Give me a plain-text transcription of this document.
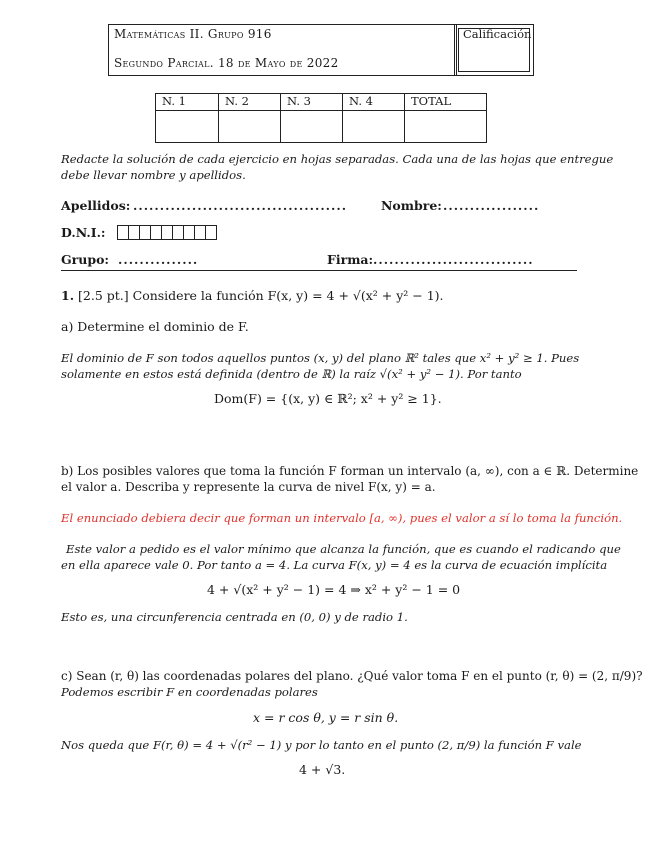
Matemáticas II. Grupo 916
Segundo Parcial. 18 de Mayo de 2022
Calificación
N. 1	N. 2	N. 3	N. 4	TOTAL

Redacte la solución de cada ejercicio en hojas separadas. Cada una de las hojas que entregue
debe llevar nombre y apellidos.
Apellidos: ........................................	Nombre: ..................
D.N.I.:
Grupo: ...............	Firma: ..............................
1. [2.5 pt.] Considere la función F(x, y) = 4 + √(x² + y² − 1).
a) Determine el dominio de F.
El dominio de F son todos aquellos puntos (x, y) del plano ℝ² tales que x² + y² ≥ 1. Pues
solamente en estos está definida (dentro de ℝ) la raíz √(x² + y² − 1). Por tanto
Dom(F) = {(x, y) ∈ ℝ²; x² + y² ≥ 1}.
b) Los posibles valores que toma la función F forman un intervalo (a, ∞), con a ∈ ℝ. Determine
el valor a. Describa y represente la curva de nivel F(x, y) = a.
El enunciado debiera decir que forman un intervalo [a, ∞), pues el valor a sí lo toma la función.
Este valor a pedido es el valor mínimo que alcanza la función, que es cuando el radicando que
en ella aparece vale 0. Por tanto a = 4. La curva F(x, y) = 4 es la curva de ecuación implícita
4 + √(x² + y² − 1) = 4 ⇒ x² + y² − 1 = 0
Esto es, una circunferencia centrada en (0, 0) y de radio 1.
c) Sean (r, θ) las coordenadas polares del plano. ¿Qué valor toma F en el punto (r, θ) = (2, π/9)?
Podemos escribir F en coordenadas polares
x = r cos θ, y = r sin θ.
Nos queda que F(r, θ) = 4 + √(r² − 1) y por lo tanto en el punto (2, π/9) la función F vale
4 + √3.
